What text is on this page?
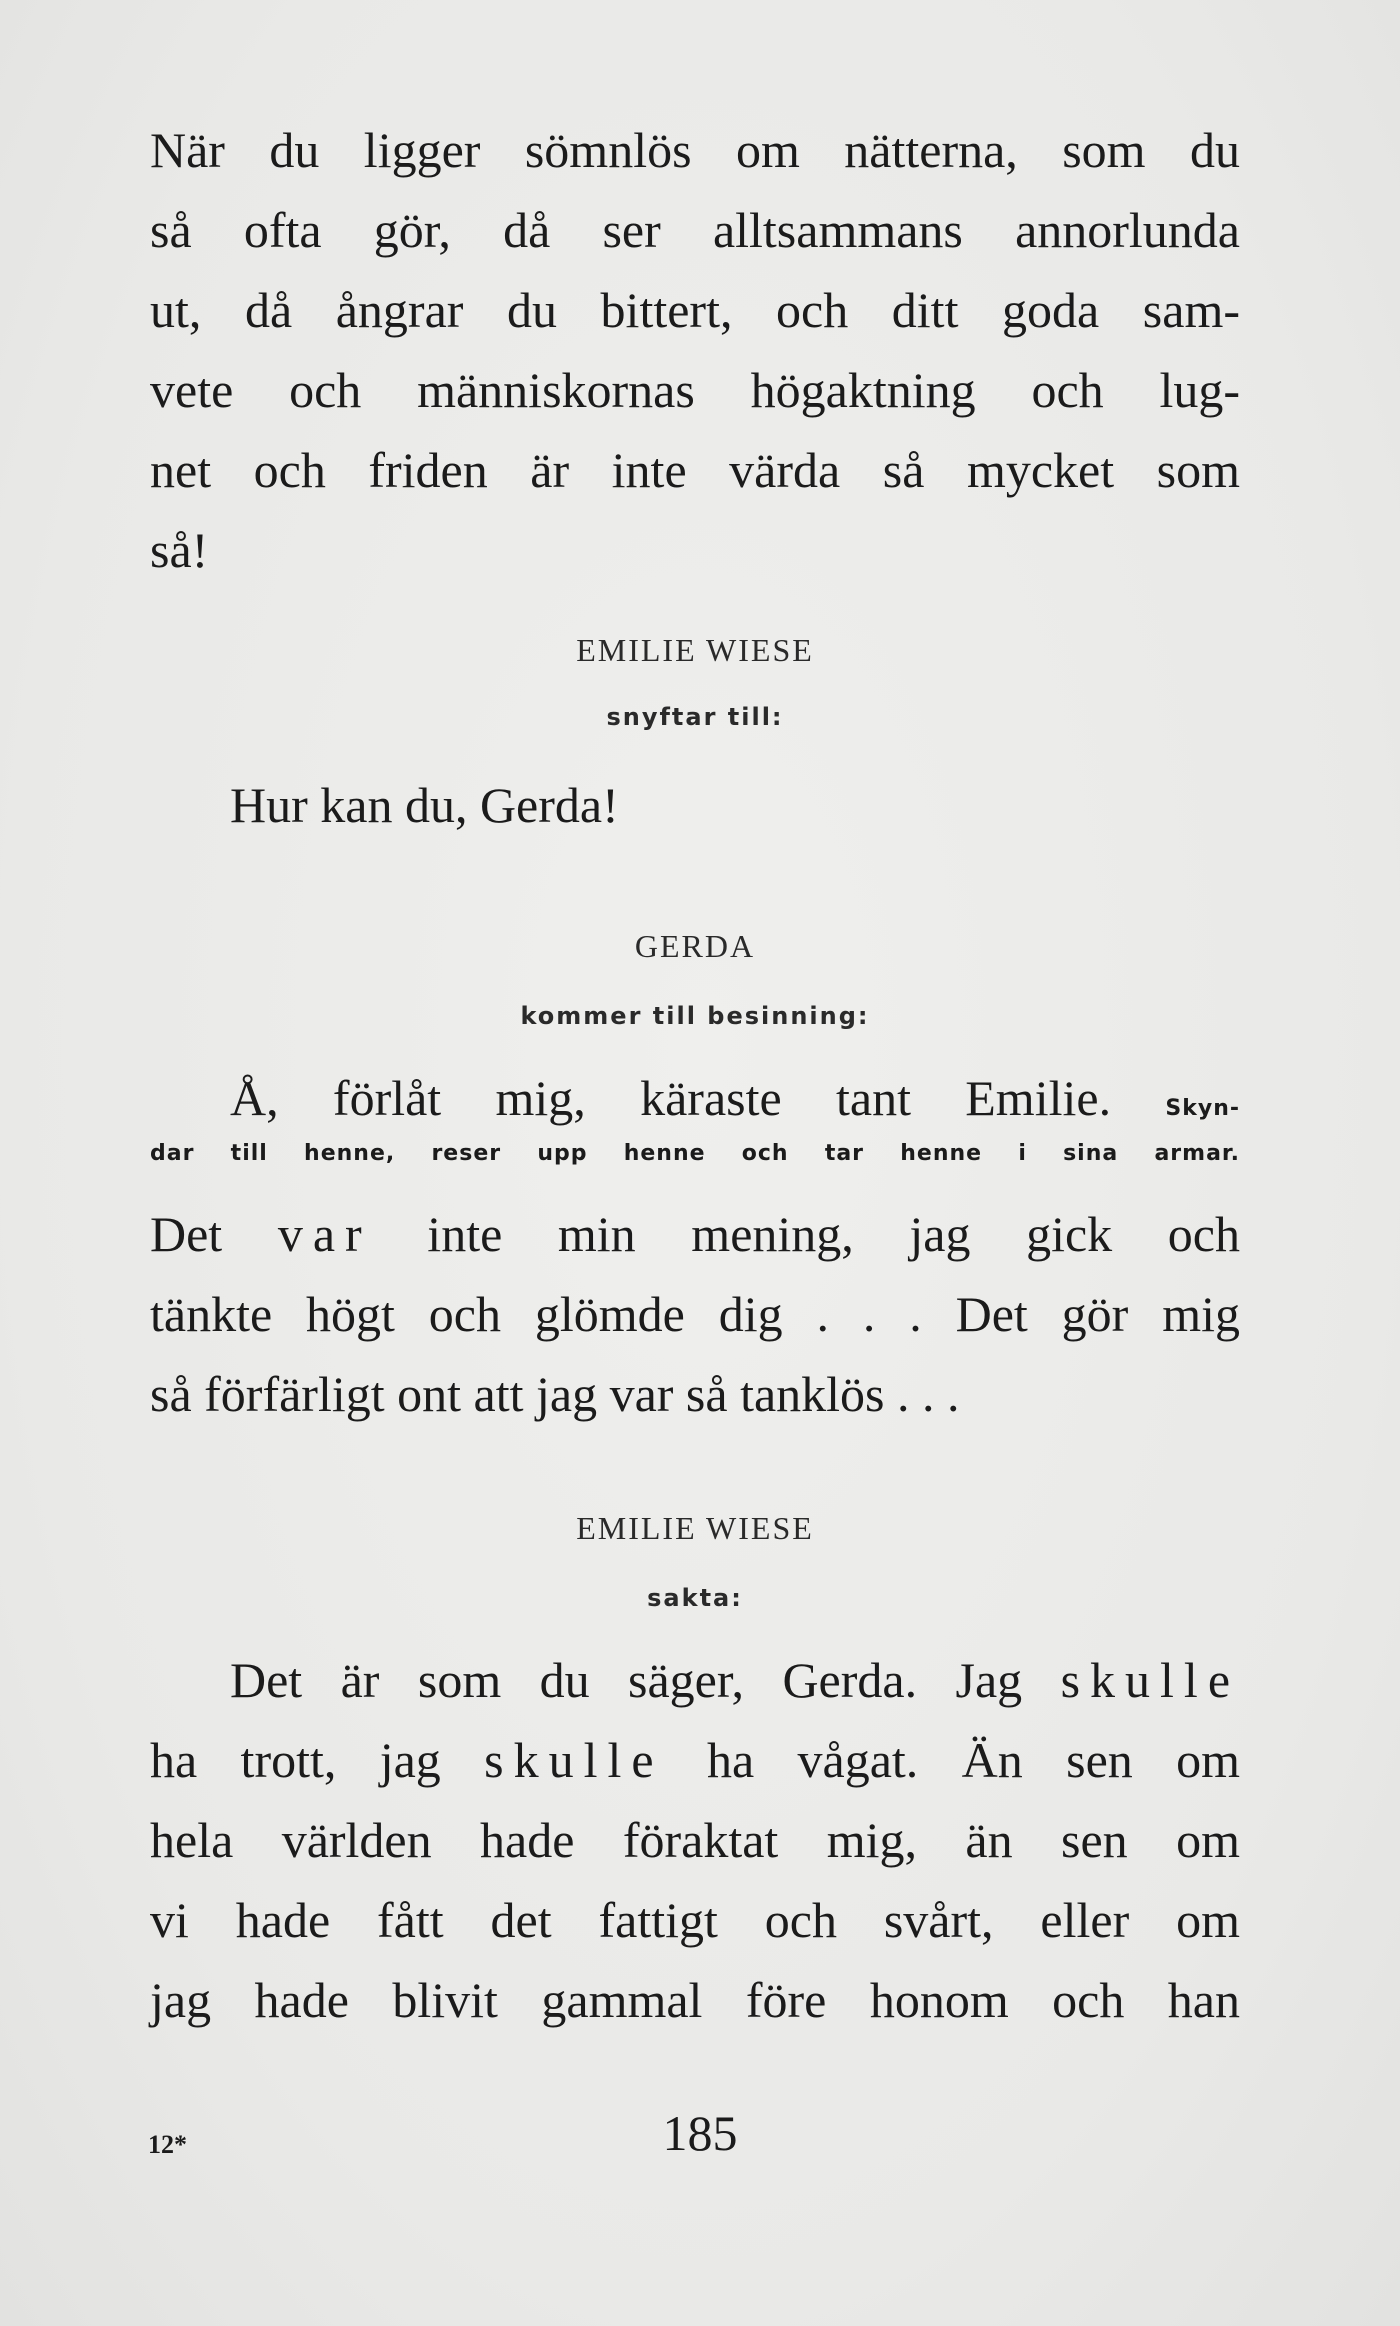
När du ligger sömnlös om nätterna, som du
så ofta gör, då ser alltsammans annorlunda
ut, då ångrar du bittert, och ditt goda sam-
vete och människornas högaktning och lug-
net och friden är inte värda så mycket som
så!
EMILIE WIESE
snyftar till:
Hur kan du, Gerda!
GERDA
kommer till besinning:
Å, förlåt mig, käraste tant Emilie. Skyn-
dar till henne, reser upp henne och tar henne i sina armar.
Det var inte min mening, jag gick och
tänkte högt och glömde dig . . . Det gör mig
så förfärligt ont att jag var så tanklös . . .
EMILIE WIESE
sakta:
Det är som du säger, Gerda. Jag skulle
ha trott, jag skulle ha vågat. Än sen om
hela världen hade föraktat mig, än sen om
vi hade fått det fattigt och svårt, eller om
jag hade blivit gammal före honom och han
12*	185
